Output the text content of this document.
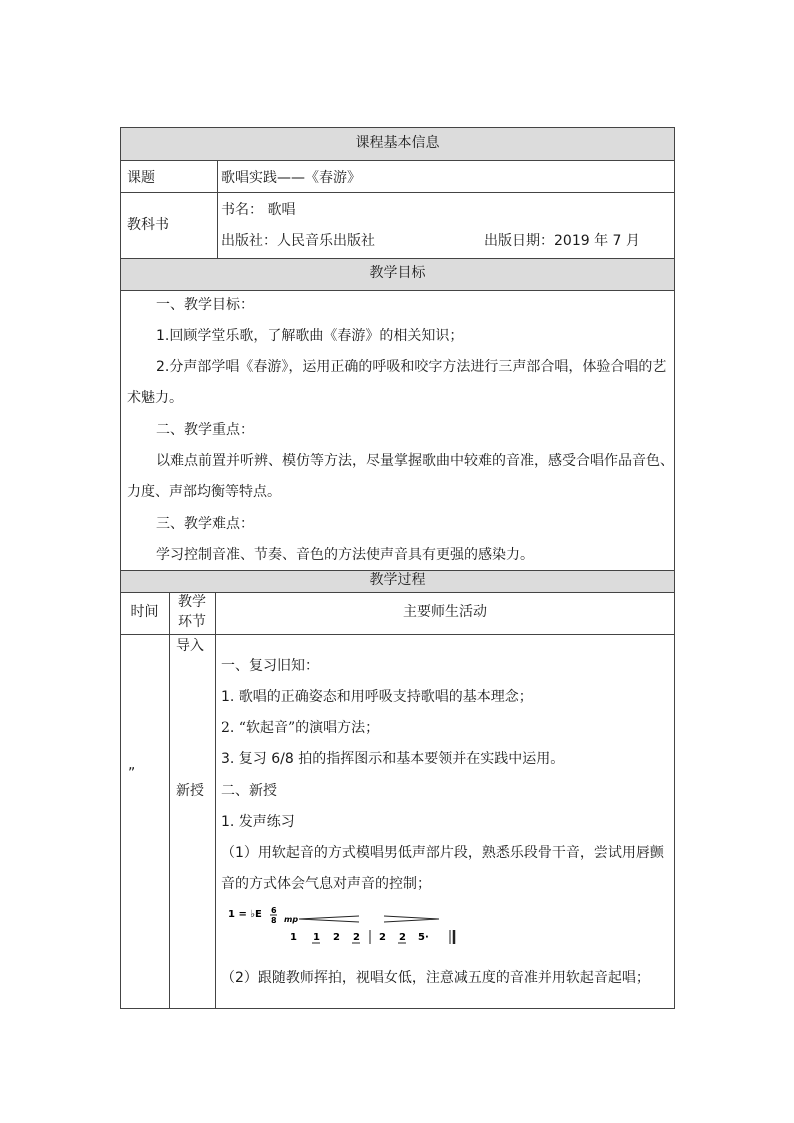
课程基本信息
课题	歌唱实践——《春游》
教科书
书名： 歌唱
出版社：人民音乐出版社	出版日期：2019 年 7 月
教学目标
一、教学目标：
1.回顾学堂乐歌，了解歌曲《春游》的相关知识；
2.分声部学唱《春游》，运用正确的呼吸和咬字方法进行三声部合唱，体验合唱的艺
术魅力。
二、教学重点：
以难点前置并听辨、模仿等方法，尽量掌握歌曲中较难的音准，感受合唱作品音色、
力度、声部均衡等特点。
三、教学难点：
学习控制音准、节奏、音色的方法使声音具有更强的感染力。
教学过程
时间
教学
环节
主要师生活动
„
导入
新授
一、复习旧知：
1. 歌唱的正确姿态和用呼吸支持歌唱的基本理念；
2. “软起音”的演唱方法；
3. 复习 6/8 拍的指挥图示和基本要领并在实践中运用。
二、新授
1. 发声练习
（1）用软起音的方式模唱男低声部片段，熟悉乐段骨干音，尝试用唇颤
音的方式体会气息对声音的控制；
1 = ♭E 6
8 mp
1 1 2 2 2 2 5·
（2）跟随教师挥拍，视唱女低，注意减五度的音准并用软起音起唱；
